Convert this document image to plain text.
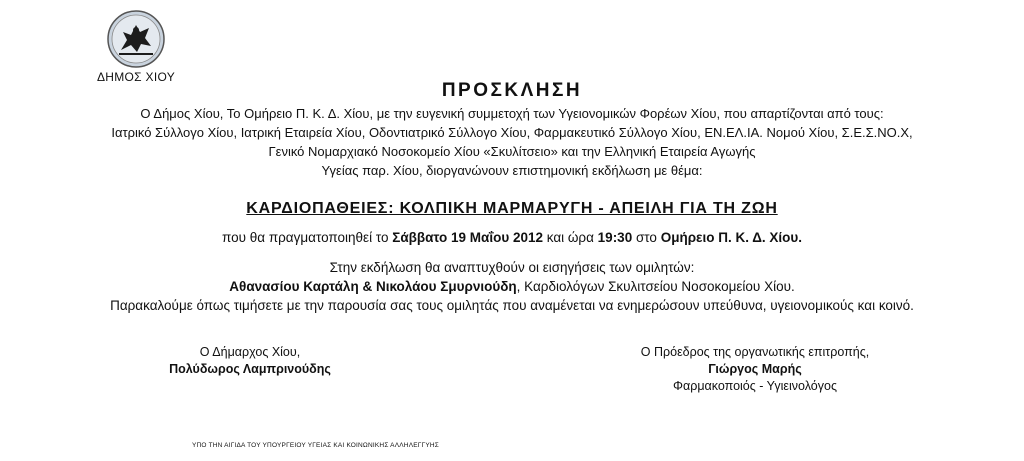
ΔΗΜΟΣ ΧΙΟΥ
ΠΡΟΣΚΛΗΣΗ
Ο Δήμος Χίου, Το Ομήρειο Π. Κ. Δ. Χίου, με την ευγενική συμμετοχή των Υγειονομικών Φορέων Χίου, που απαρτίζονται από τους:
Ιατρικό Σύλλογο Χίου, Ιατρική Εταιρεία Χίου, Οδοντιατρικό Σύλλογο Χίου, Φαρμακευτικό Σύλλογο Χίου, ΕΝ.ΕΛ.ΙΑ. Νομού Χίου, Σ.Ε.Σ.ΝΟ.Χ,
Γενικό Νομαρχιακό Νοσοκομείο Χίου «Σκυλίτσειο» και την Ελληνική Εταιρεία Αγωγής
Υγείας παρ. Χίου, διοργανώνουν επιστημονική εκδήλωση με θέμα:
ΚΑΡΔΙΟΠΑΘΕΙΕΣ: ΚΟΛΠΙΚΗ ΜΑΡΜΑΡΥΓΗ - ΑΠΕΙΛΗ ΓΙΑ ΤΗ ΖΩΗ
που θα πραγματοποιηθεί το Σάββατο 19 Μαΐου 2012 και ώρα 19:30 στο Ομήρειο Π. Κ. Δ. Χίου.
Στην εκδήλωση θα αναπτυχθούν οι εισηγήσεις των ομιλητών:
Αθανασίου Καρτάλη & Νικολάου Σμυρνιούδη, Καρδιολόγων Σκυλιτσείου Νοσοκομείου Χίου.
Παρακαλούμε όπως τιμήσετε με την παρουσία σας τους ομιλητάς που αναμένεται να ενημερώσουν υπεύθυνα, υγειονομικούς και κοινό.
Ο Δήμαρχος Χίου,
Πολύδωρος Λαμπρινούδης
Ο Πρόεδρος της οργανωτικής επιτροπής,
Γιώργος Μαρής
Φαρμακοποιός - Υγιεινολόγος
ΥΠΟ ΤΗΝ ΑΙΓΙΔΑ ΤΟΥ ΥΠΟΥΡΓΕΙΟΥ ΥΓΕΙΑΣ ΚΑΙ ΚΟΙΝΩΝΙΚΗΣ ΑΛΛΗΛΕΓΓΥΗΣ
